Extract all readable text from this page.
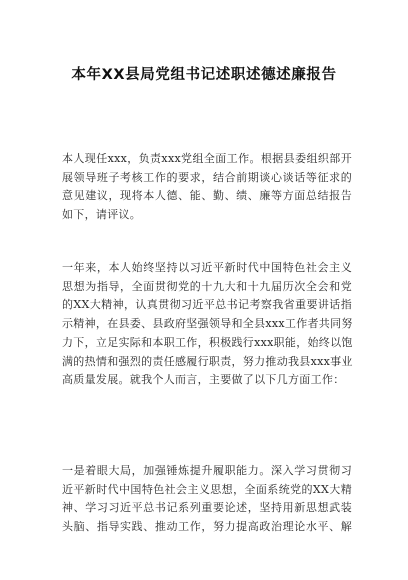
本年XX县局党组书记述职述德述廉报告
本人现任xxx，负责xxx党组全面工作。根据县委组织部开
展领导班子考核工作的要求，结合前期谈心谈话等征求的
意见建议，现将本人德、能、勤、绩、廉等方面总结报告
如下，请评议。
一年来，本人始终坚持以习近平新时代中国特色社会主义
思想为指导，全面贯彻党的十九大和十九届历次全会和党
的XX大精神，认真贯彻习近平总书记考察我省重要讲话指
示精神，在县委、县政府坚强领导和全县xxx工作者共同努
力下，立足实际和本职工作，积极践行xxx职能，始终以饱
满的热情和强烈的责任感履行职责，努力推动我县xxx事业
高质量发展。就我个人而言，主要做了以下几方面工作：
一是着眼大局，加强锤炼提升履职能力。深入学习贯彻习
近平新时代中国特色社会主义思想，全面系统党的XX大精
神、学习习近平总书记系列重要论述，坚持用新思想武装
头脑、指导实践、推动工作，努力提高政治理论水平、解
